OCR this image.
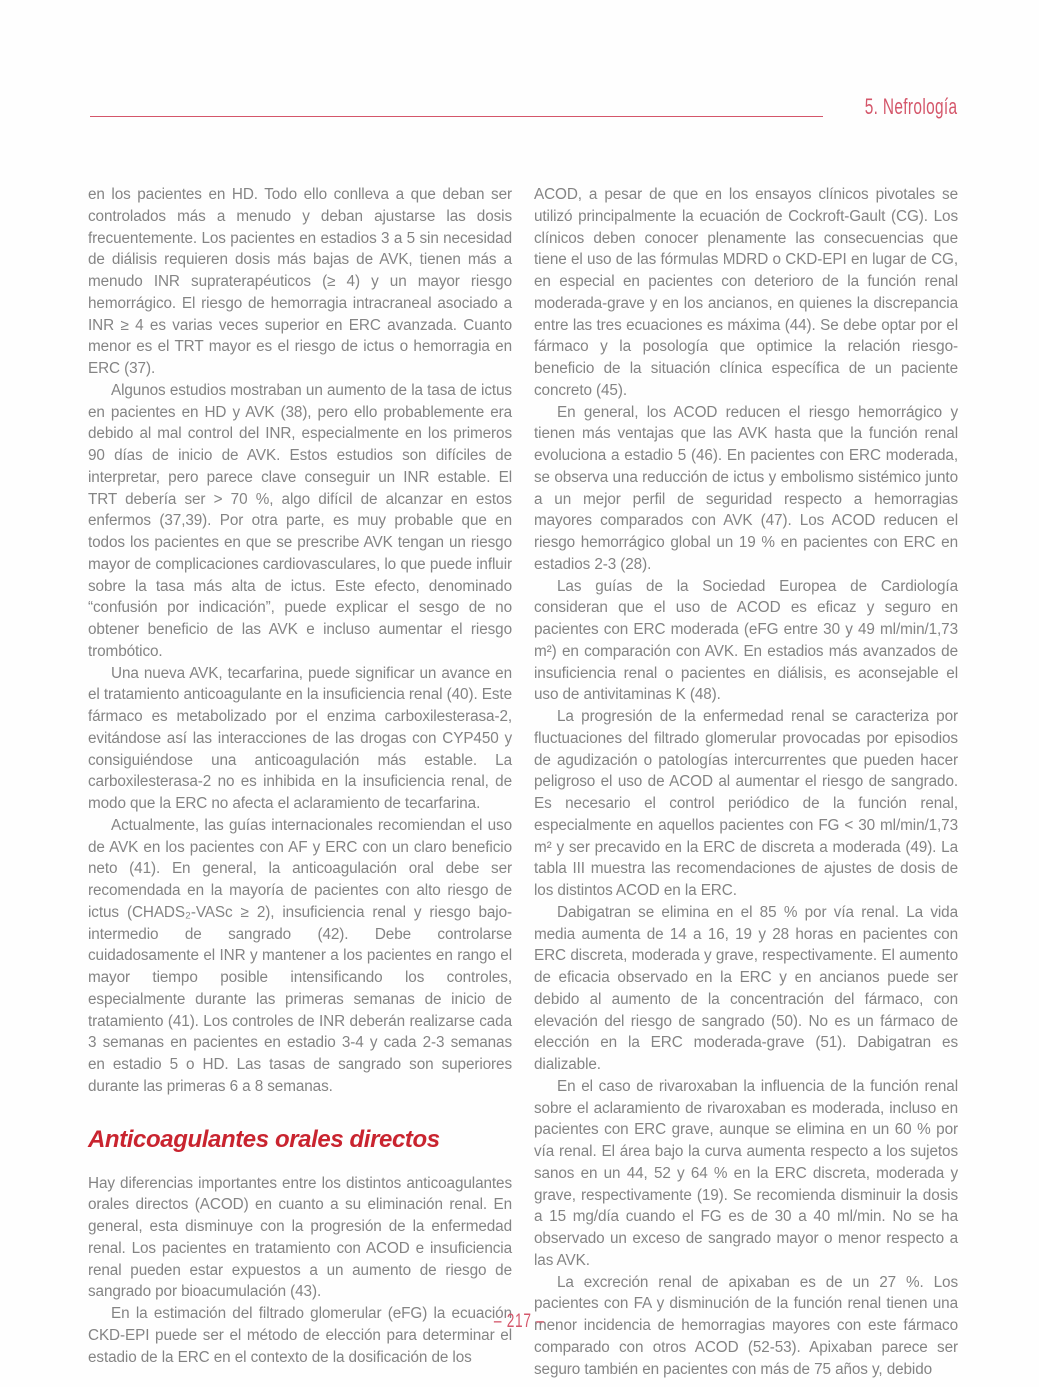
5. Nefrología

en los pacientes en HD. Todo ello conlleva a que deban ser controlados más a menudo y deban ajustarse las dosis frecuentemente. Los pacientes en estadios 3 a 5 sin necesidad de diálisis requieren dosis más bajas de AVK, tienen más a menudo INR supraterapéuticos (≥ 4) y un mayor riesgo hemorrágico. El riesgo de hemorragia intracraneal asociado a INR ≥ 4 es varias veces superior en ERC avanzada. Cuanto menor es el TRT mayor es el riesgo de ictus o hemorragia en ERC (37).

Algunos estudios mostraban un aumento de la tasa de ictus en pacientes en HD y AVK (38), pero ello probablemente era debido al mal control del INR, especialmente en los primeros 90 días de inicio de AVK. Estos estudios son difíciles de interpretar, pero parece clave conseguir un INR estable. El TRT debería ser > 70 %, algo difícil de alcanzar en estos enfermos (37,39). Por otra parte, es muy probable que en todos los pacientes en que se prescribe AVK tengan un riesgo mayor de complicaciones cardiovasculares, lo que puede influir sobre la tasa más alta de ictus. Este efecto, denominado “confusión por indicación”, puede explicar el sesgo de no obtener beneficio de las AVK e incluso aumentar el riesgo trombótico.

Una nueva AVK, tecarfarina, puede significar un avance en el tratamiento anticoagulante en la insuficiencia renal (40). Este fármaco es metabolizado por el enzima carboxilesterasa-2, evitándose así las interacciones de las drogas con CYP450 y consiguiéndose una anticoagulación más estable. La carboxilesterasa-2 no es inhibida en la insuficiencia renal, de modo que la ERC no afecta el aclaramiento de tecarfarina.

Actualmente, las guías internacionales recomiendan el uso de AVK en los pacientes con AF y ERC con un claro beneficio neto (41). En general, la anticoagulación oral debe ser recomendada en la mayoría de pacientes con alto riesgo de ictus (CHADS₂-VASc ≥ 2), insuficiencia renal y riesgo bajo-intermedio de sangrado (42). Debe controlarse cuidadosamente el INR y mantener a los pacientes en rango el mayor tiempo posible intensificando los controles, especialmente durante las primeras semanas de inicio de tratamiento (41). Los controles de INR deberán realizarse cada 3 semanas en pacientes en estadio 3-4 y cada 2-3 semanas en estadio 5 o HD. Las tasas de sangrado son superiores durante las primeras 6 a 8 semanas.

Anticoagulantes orales directos

Hay diferencias importantes entre los distintos anticoagulantes orales directos (ACOD) en cuanto a su eliminación renal. En general, esta disminuye con la progresión de la enfermedad renal. Los pacientes en tratamiento con ACOD e insuficiencia renal pueden estar expuestos a un aumento de riesgo de sangrado por bioacumulación (43).

En la estimación del filtrado glomerular (eFG) la ecuación CKD-EPI puede ser el método de elección para determinar el estadio de la ERC en el contexto de la dosificación de los

ACOD, a pesar de que en los ensayos clínicos pivotales se utilizó principalmente la ecuación de Cockroft-Gault (CG). Los clínicos deben conocer plenamente las consecuencias que tiene el uso de las fórmulas MDRD o CKD-EPI en lugar de CG, en especial en pacientes con deterioro de la función renal moderada-grave y en los ancianos, en quienes la discrepancia entre las tres ecuaciones es máxima (44). Se debe optar por el fármaco y la posología que optimice la relación riesgo-beneficio de la situación clínica específica de un paciente concreto (45).

En general, los ACOD reducen el riesgo hemorrágico y tienen más ventajas que las AVK hasta que la función renal evoluciona a estadio 5 (46). En pacientes con ERC moderada, se observa una reducción de ictus y embolismo sistémico junto a un mejor perfil de seguridad respecto a hemorragias mayores comparados con AVK (47). Los ACOD reducen el riesgo hemorrágico global un 19 % en pacientes con ERC en estadios 2-3 (28).

Las guías de la Sociedad Europea de Cardiología consideran que el uso de ACOD es eficaz y seguro en pacientes con ERC moderada (eFG entre 30 y 49 ml/min/1,73 m²) en comparación con AVK. En estadios más avanzados de insuficiencia renal o pacientes en diálisis, es aconsejable el uso de antivitaminas K (48).

La progresión de la enfermedad renal se caracteriza por fluctuaciones del filtrado glomerular provocadas por episodios de agudización o patologías intercurrentes que pueden hacer peligroso el uso de ACOD al aumentar el riesgo de sangrado. Es necesario el control periódico de la función renal, especialmente en aquellos pacientes con FG < 30 ml/min/1,73 m² y ser precavido en la ERC de discreta a moderada (49). La tabla III muestra las recomendaciones de ajustes de dosis de los distintos ACOD en la ERC.

Dabigatran se elimina en el 85 % por vía renal. La vida media aumenta de 14 a 16, 19 y 28 horas en pacientes con ERC discreta, moderada y grave, respectivamente. El aumento de eficacia observado en la ERC y en ancianos puede ser debido al aumento de la concentración del fármaco, con elevación del riesgo de sangrado (50). No es un fármaco de elección en la ERC moderada-grave (51). Dabigatran es dializable.

En el caso de rivaroxaban la influencia de la función renal sobre el aclaramiento de rivaroxaban es moderada, incluso en pacientes con ERC grave, aunque se elimina en un 60 % por vía renal. El área bajo la curva aumenta respecto a los sujetos sanos en un 44, 52 y 64 % en la ERC discreta, moderada y grave, respectivamente (19). Se recomienda disminuir la dosis a 15 mg/día cuando el FG es de 30 a 40 ml/min. No se ha observado un exceso de sangrado mayor o menor respecto a las AVK.

La excreción renal de apixaban es de un 27 %. Los pacientes con FA y disminución de la función renal tienen una menor incidencia de hemorragias mayores con este fármaco comparado con otros ACOD (52-53). Apixaban parece ser seguro también en pacientes con más de 75 años y, debido

– 217 –
